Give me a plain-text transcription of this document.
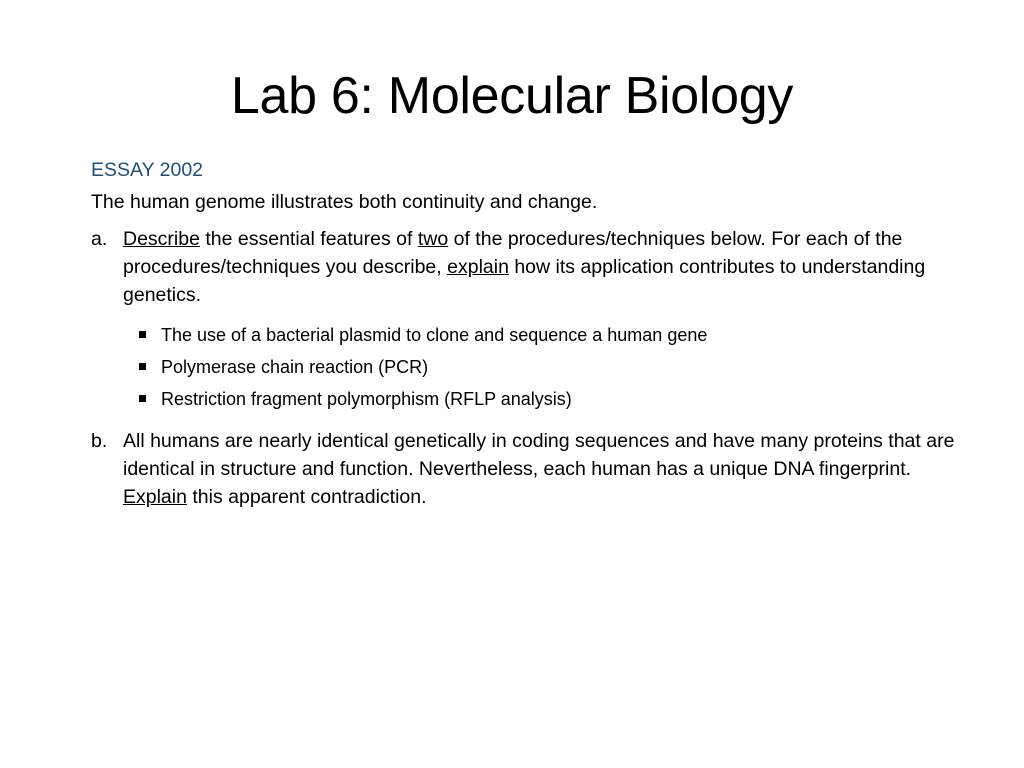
Lab 6: Molecular Biology

ESSAY 2002

The human genome illustrates both continuity and change.

a. Describe the essential features of two of the procedures/techniques below. For each of the procedures/techniques you describe, explain how its application contributes to understanding genetics.
The use of a bacterial plasmid to clone and sequence a human gene
Polymerase chain reaction (PCR)
Restriction fragment polymorphism (RFLP analysis)
b. All humans are nearly identical genetically in coding sequences and have many proteins that are identical in structure and function. Nevertheless, each human has a unique DNA fingerprint. Explain this apparent contradiction.
